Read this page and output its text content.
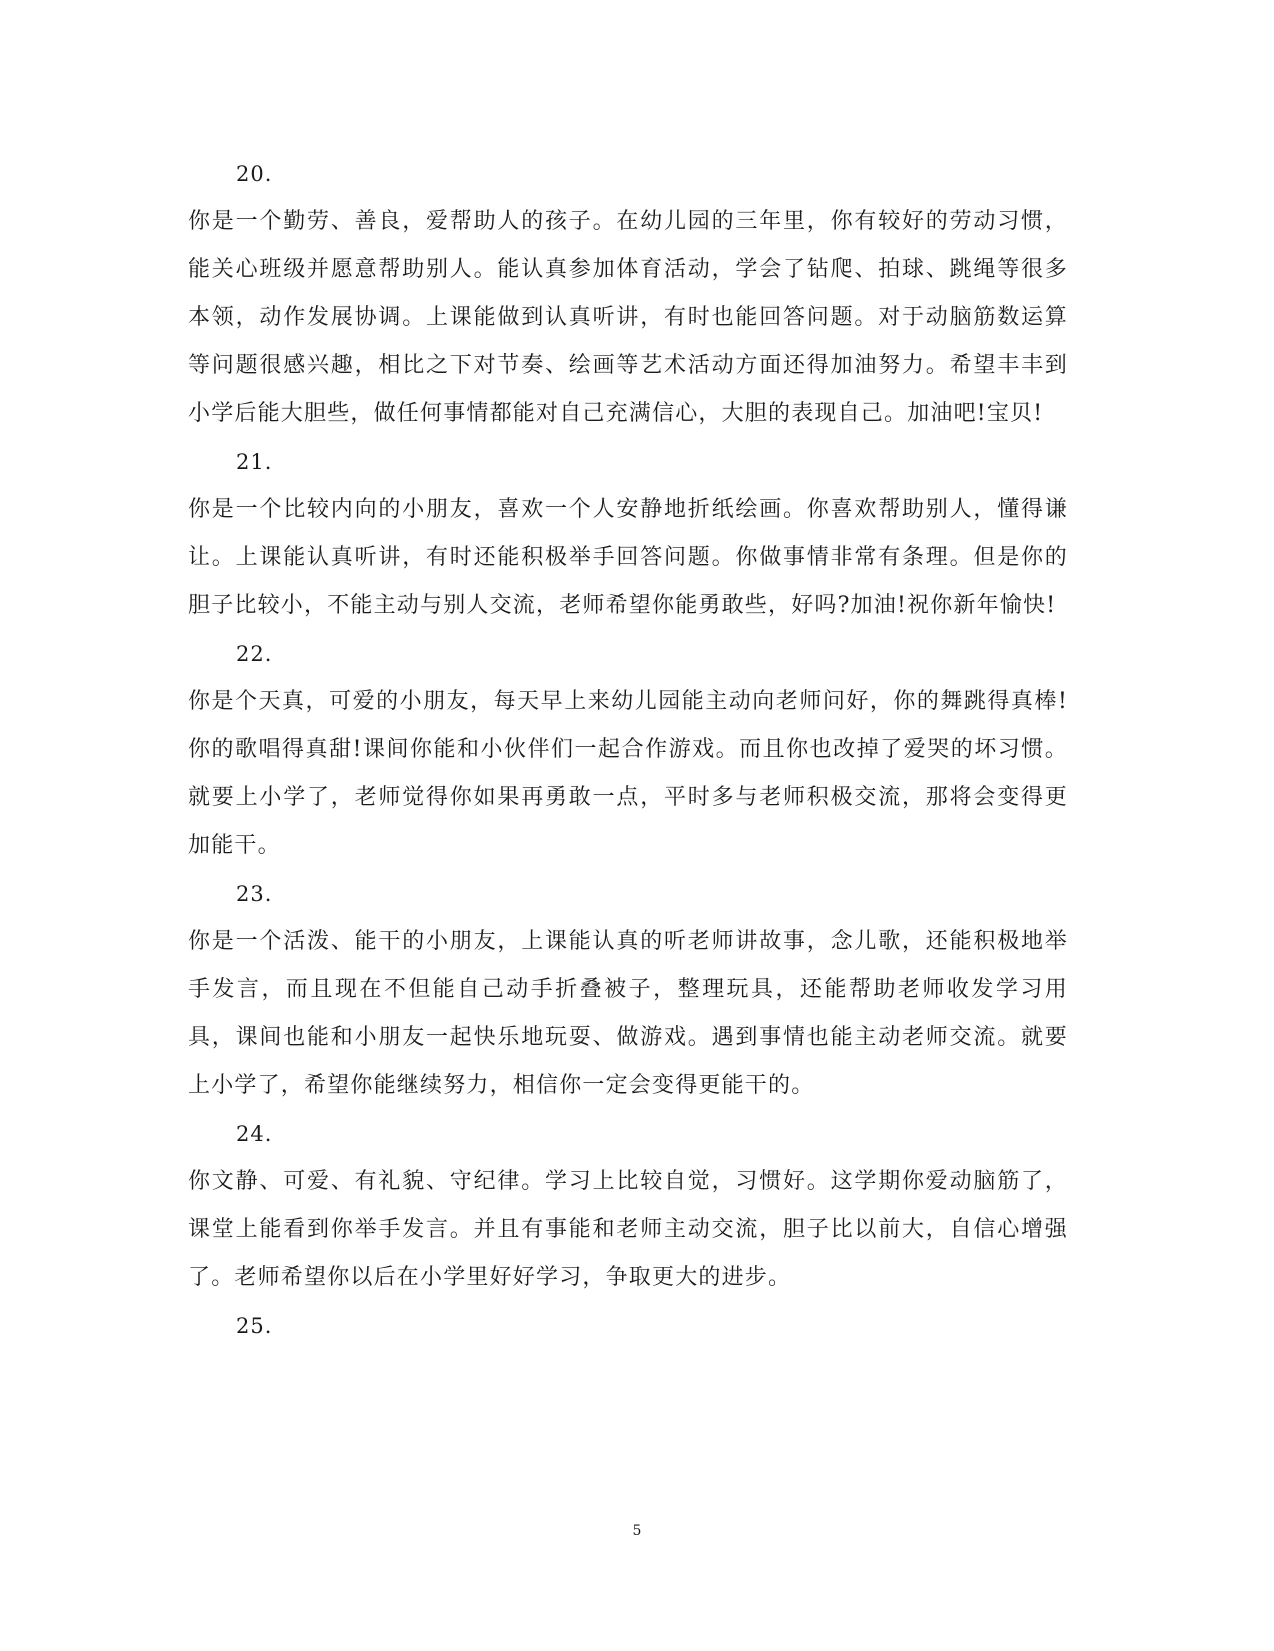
20.

你是一个勤劳、善良，爱帮助人的孩子。在幼儿园的三年里，你有较好的劳动习惯，能关心班级并愿意帮助别人。能认真参加体育活动，学会了钻爬、拍球、跳绳等很多本领，动作发展协调。上课能做到认真听讲，有时也能回答问题。对于动脑筋数运算等问题很感兴趣，相比之下对节奏、绘画等艺术活动方面还得加油努力。希望丰丰到小学后能大胆些，做任何事情都能对自己充满信心，大胆的表现自己。加油吧!宝贝!

21.

你是一个比较内向的小朋友，喜欢一个人安静地折纸绘画。你喜欢帮助别人，懂得谦让。上课能认真听讲，有时还能积极举手回答问题。你做事情非常有条理。但是你的胆子比较小，不能主动与别人交流，老师希望你能勇敢些，好吗?加油!祝你新年愉快!

22.

你是个天真，可爱的小朋友，每天早上来幼儿园能主动向老师问好，你的舞跳得真棒!你的歌唱得真甜!课间你能和小伙伴们一起合作游戏。而且你也改掉了爱哭的坏习惯。就要上小学了，老师觉得你如果再勇敢一点，平时多与老师积极交流，那将会变得更加能干。

23.

你是一个活泼、能干的小朋友，上课能认真的听老师讲故事，念儿歌，还能积极地举手发言，而且现在不但能自己动手折叠被子，整理玩具，还能帮助老师收发学习用具，课间也能和小朋友一起快乐地玩耍、做游戏。遇到事情也能主动老师交流。就要上小学了，希望你能继续努力，相信你一定会变得更能干的。

24.

你文静、可爱、有礼貌、守纪律。学习上比较自觉，习惯好。这学期你爱动脑筋了，课堂上能看到你举手发言。并且有事能和老师主动交流，胆子比以前大，自信心增强了。老师希望你以后在小学里好好学习，争取更大的进步。

25.
5
